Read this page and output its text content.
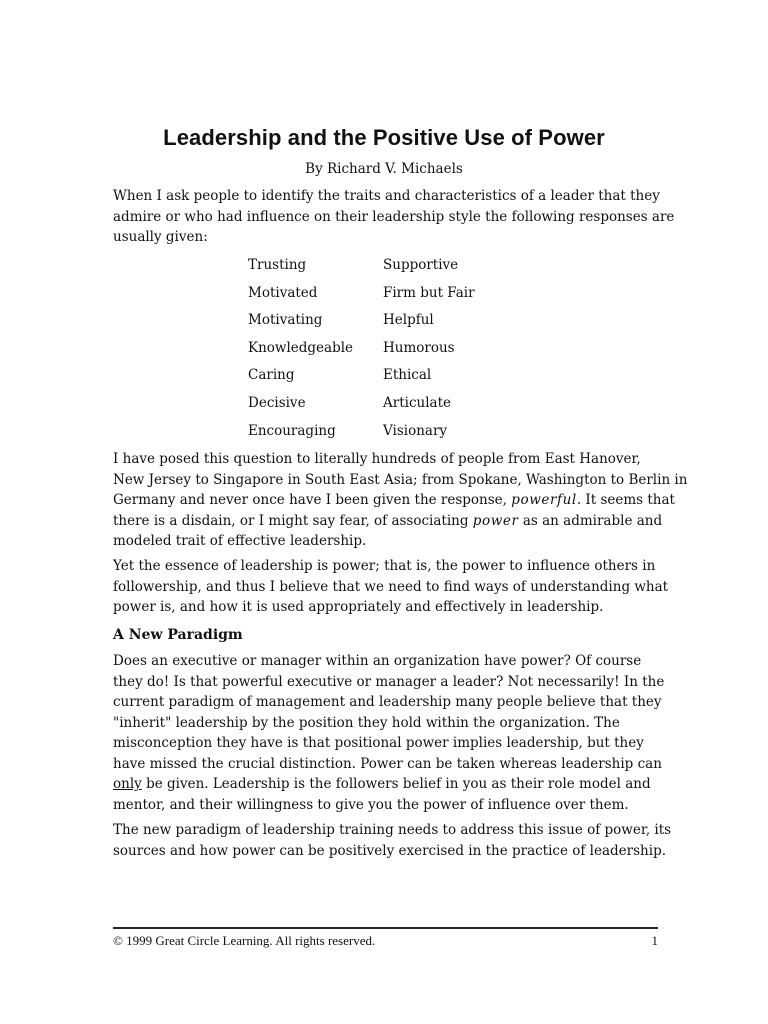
Leadership and the Positive Use of Power
By Richard V. Michaels
When I ask people to identify the traits and characteristics of a leader that they
admire or who had influence on their leadership style the following responses are
usually given:
Trusting	Supportive
Motivated	Firm but Fair
Motivating	Helpful
Knowledgeable	Humorous
Caring	Ethical
Decisive	Articulate
Encouraging	Visionary
I have posed this question to literally hundreds of people from East Hanover,
New Jersey to Singapore in South East Asia; from Spokane, Washington to Berlin in
Germany and never once have I been given the response, powerful. It seems that
there is a disdain, or I might say fear, of associating power as an admirable and
modeled trait of effective leadership.
Yet the essence of leadership is power; that is, the power to influence others in
followership, and thus I believe that we need to find ways of understanding what
power is, and how it is used appropriately and effectively in leadership.
A New Paradigm
Does an executive or manager within an organization have power? Of course
they do! Is that powerful executive or manager a leader? Not necessarily! In the
current paradigm of management and leadership many people believe that they
"inherit" leadership by the position they hold within the organization. The
misconception they have is that positional power implies leadership, but they
have missed the crucial distinction. Power can be taken whereas leadership can
only be given. Leadership is the followers belief in you as their role model and
mentor, and their willingness to give you the power of influence over them.
The new paradigm of leadership training needs to address this issue of power, its
sources and how power can be positively exercised in the practice of leadership.
© 1999 Great Circle Learning. All rights reserved.	1
